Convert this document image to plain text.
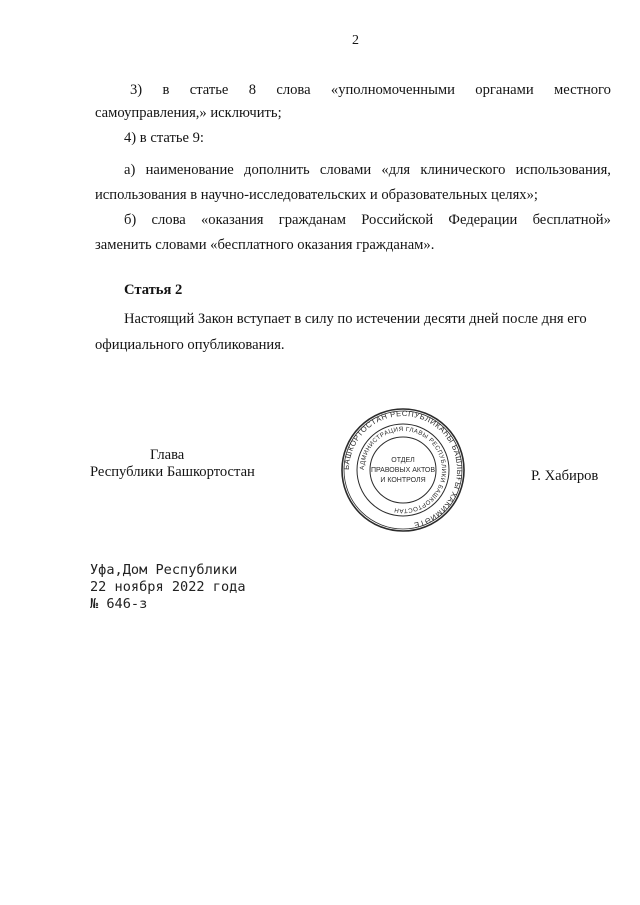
2
3) в статье 8 слова «уполномоченными органами местного
самоуправления,» исключить;
4) в статье 9:
а) наименование дополнить словами «для клинического использования,
использования в научно-исследовательских и образовательных целях»;
б) слова «оказания гражданам Российской Федерации бесплатной»
заменить словами «бесплатного оказания гражданам».
Статья 2
Настоящий Закон вступает в силу по истечении десяти дней после дня его
официального опубликования.
Глава
Республики Башкортостан	Р. Хабиров
БАШКОРТОСТАН РЕСПУБЛИКАҺЫ БАШЛЫҒЫ ХАКИМИӘТЕ
АДМИНИСТРАЦИЯ ГЛАВЫ РЕСПУБЛИКИ БАШКОРТОСТАН
ОТДЕЛ
ПРАВОВЫХ АКТОВ
И КОНТРОЛЯ
Уфа,Дом Республики
22 ноября 2022 года
№ 646-з
